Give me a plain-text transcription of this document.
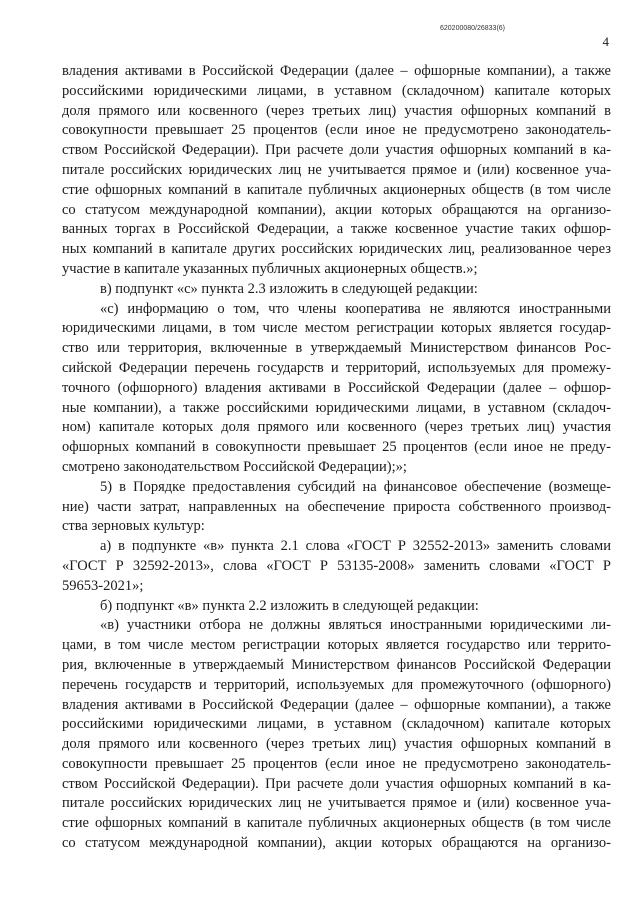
620200080/26833(6)
4
владения активами в Российской Федерации (далее – офшорные компании), а также
российскими юридическими лицами, в уставном (складочном) капитале которых
доля прямого или косвенного (через третьих лиц) участия офшорных компаний в
совокупности превышает 25 процентов (если иное не предусмотрено законодатель-
ством Российской Федерации). При расчете доли участия офшорных компаний в ка-
питале российских юридических лиц не учитывается прямое и (или) косвенное уча-
стие офшорных компаний в капитале публичных акционерных обществ (в том числе
со статусом международной компании), акции которых обращаются на организо-
ванных торгах в Российской Федерации, а также косвенное участие таких офшор-
ных компаний в капитале других российских юридических лиц, реализованное через
участие в капитале указанных публичных акционерных обществ.»;
в) подпункт «с» пункта 2.3 изложить в следующей редакции:
«с) информацию о том, что члены кооператива не являются иностранными
юридическими лицами, в том числе местом регистрации которых является государ-
ство или территория, включенные в утверждаемый Министерством финансов Рос-
сийской Федерации перечень государств и территорий, используемых для промежу-
точного (офшорного) владения активами в Российской Федерации (далее – офшор-
ные компании), а также российскими юридическими лицами, в уставном (складоч-
ном) капитале которых доля прямого или косвенного (через третьих лиц) участия
офшорных компаний в совокупности превышает 25 процентов (если иное не преду-
смотрено законодательством Российской Федерации);»;
5) в Порядке предоставления субсидий на финансовое обеспечение (возмеще-
ние) части затрат, направленных на обеспечение прироста собственного производ-
ства зерновых культур:
а) в подпункте «в» пункта 2.1 слова «ГОСТ Р 32552-2013» заменить словами
«ГОСТ Р 32592-2013», слова «ГОСТ Р 53135-2008» заменить словами «ГОСТ Р
59653-2021»;
б) подпункт «в» пункта 2.2 изложить в следующей редакции:
«в) участники отбора не должны являться иностранными юридическими ли-
цами, в том числе местом регистрации которых является государство или террито-
рия, включенные в утверждаемый Министерством финансов Российской Федерации
перечень государств и территорий, используемых для промежуточного (офшорного)
владения активами в Российской Федерации (далее – офшорные компании), а также
российскими юридическими лицами, в уставном (складочном) капитале которых
доля прямого или косвенного (через третьих лиц) участия офшорных компаний в
совокупности превышает 25 процентов (если иное не предусмотрено законодатель-
ством Российской Федерации). При расчете доли участия офшорных компаний в ка-
питале российских юридических лиц не учитывается прямое и (или) косвенное уча-
стие офшорных компаний в капитале публичных акционерных обществ (в том числе
со статусом международной компании), акции которых обращаются на организо-
